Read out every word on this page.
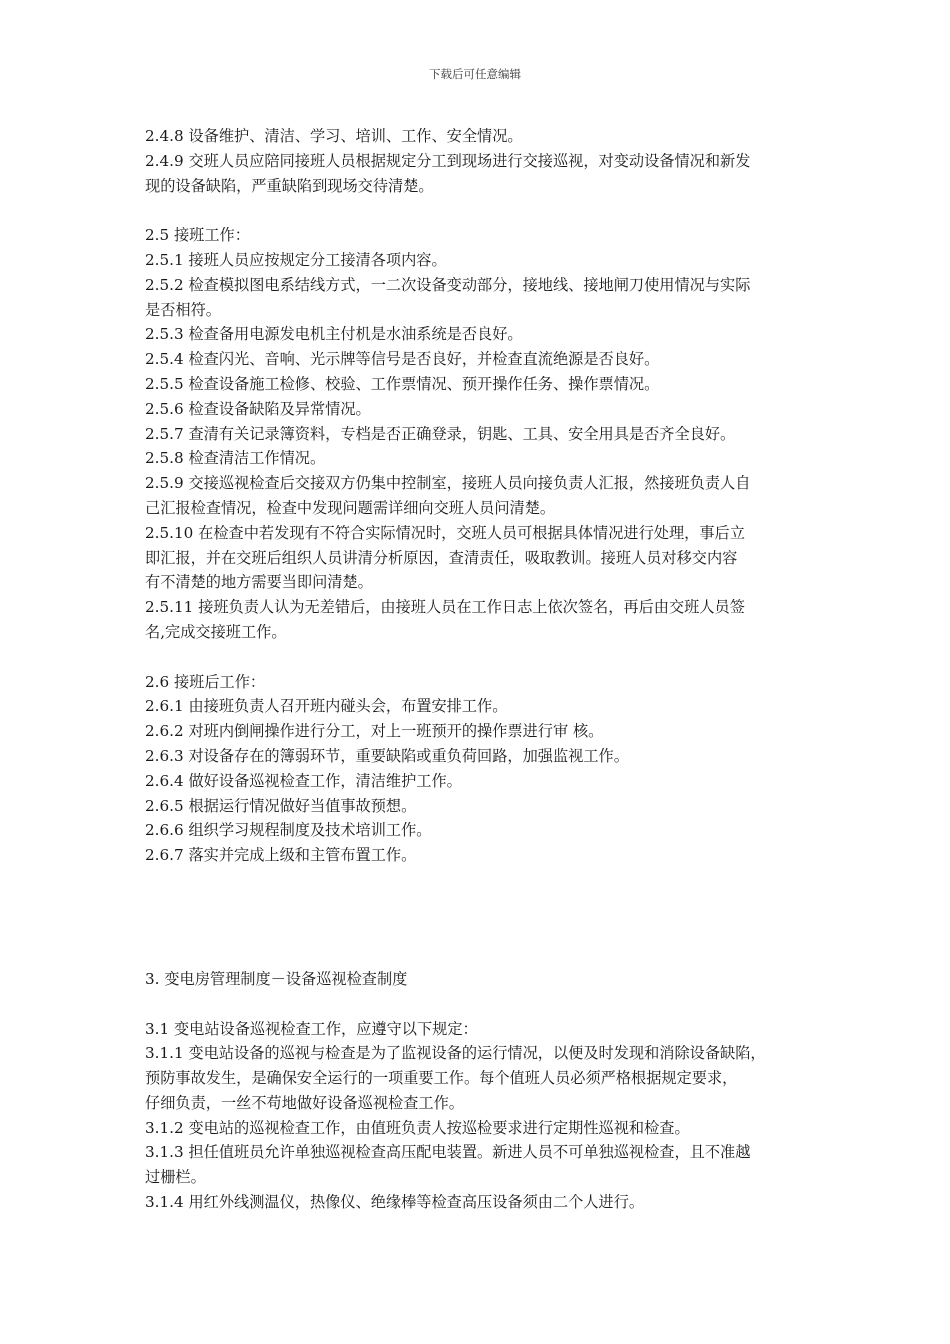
下载后可任意编辑
2.4.8 设备维护、清洁、学习、培训、工作、安全情况。
2.4.9 交班人员应陪同接班人员根据规定分工到现场进行交接巡视，对变动设备情况和新发
现的设备缺陷，严重缺陷到现场交待清楚。
2.5 接班工作：
2.5.1 接班人员应按规定分工接清各项内容。
2.5.2 检查模拟图电系结线方式，一二次设备变动部分，接地线、接地闸刀使用情况与实际
是否相符。
2.5.3 检查备用电源发电机主付机是水油系统是否良好。
2.5.4 检查闪光、音响、光示牌等信号是否良好，并检查直流绝源是否良好。
2.5.5 检查设备施工检修、校验、工作票情况、预开操作任务、操作票情况。
2.5.6 检查设备缺陷及异常情况。
2.5.7 查清有关记录簿资料，专档是否正确登录，钥匙、工具、安全用具是否齐全良好。
2.5.8 检查清洁工作情况。
2.5.9 交接巡视检查后交接双方仍集中控制室，接班人员向接负责人汇报，然接班负责人自
己汇报检查情况，检查中发现问题需详细向交班人员问清楚。
2.5.10 在检查中若发现有不符合实际情况时，交班人员可根据具体情况进行处理，事后立
即汇报，并在交班后组织人员讲清分析原因，查清责任，吸取教训。接班人员对移交内容
有不清楚的地方需要当即问清楚。
2.5.11 接班负责人认为无差错后，由接班人员在工作日志上依次签名，再后由交班人员签
名,完成交接班工作。
2.6 接班后工作：
2.6.1 由接班负责人召开班内碰头会，布置安排工作。
2.6.2 对班内倒闸操作进行分工，对上一班预开的操作票进行审 核。
2.6.3 对设备存在的簿弱环节，重要缺陷或重负荷回路，加强监视工作。
2.6.4 做好设备巡视检查工作，清洁维护工作。
2.6.5 根据运行情况做好当值事故预想。
2.6.6 组织学习规程制度及技术培训工作。
2.6.7 落实并完成上级和主管布置工作。
3. 变电房管理制度－设备巡视检查制度
3.1 变电站设备巡视检查工作，应遵守以下规定：
3.1.1 变电站设备的巡视与检查是为了监视设备的运行情况，以便及时发现和消除设备缺陷，
预防事故发生，是确保安全运行的一项重要工作。每个值班人员必须严格根据规定要求，
仔细负责，一丝不苟地做好设备巡视检查工作。
3.1.2 变电站的巡视检查工作，由值班负责人按巡检要求进行定期性巡视和检查。
3.1.3 担任值班员允许单独巡视检查高压配电装置。新进人员不可单独巡视检查，且不准越
过栅栏。
3.1.4 用红外线测温仪，热像仪、绝缘棒等检查高压设备须由二个人进行。
